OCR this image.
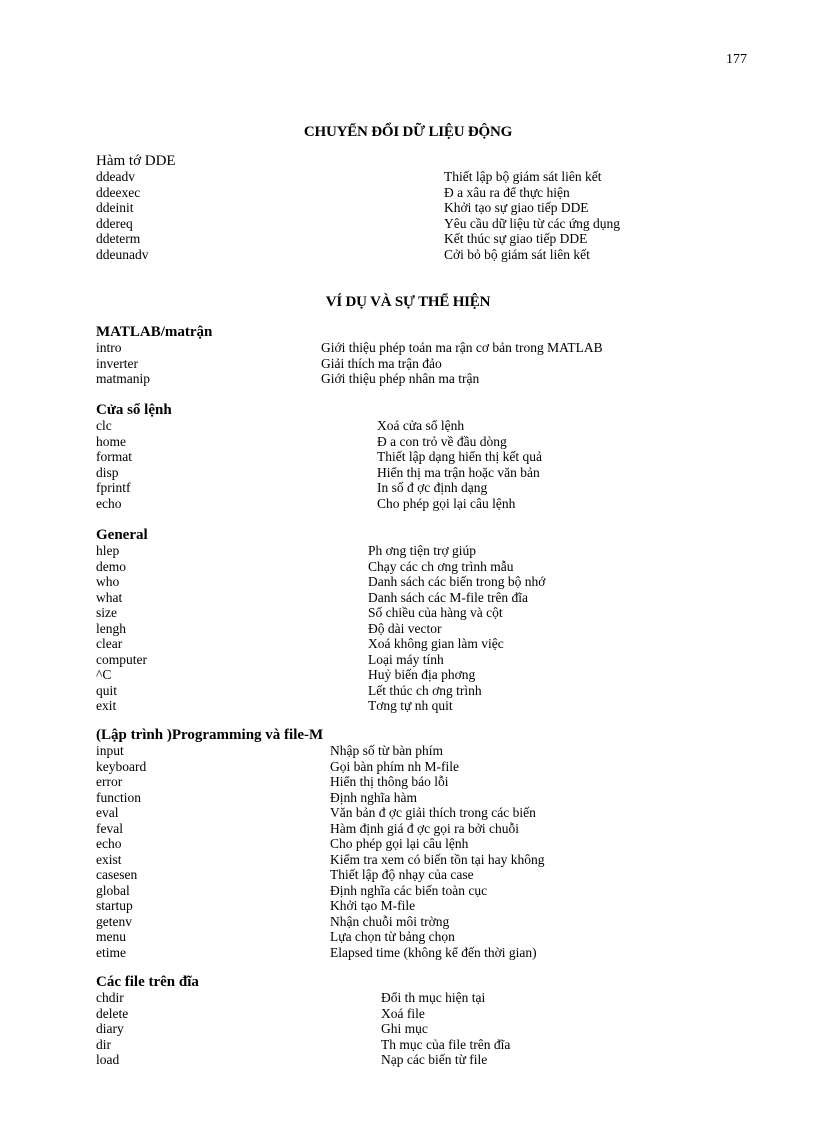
177
CHUYỂN ĐỔI DỮ LIỆU ĐỘNG
Hàm tớ DDE
ddeadv	Thiết lập bộ giám sát liên kết
ddeexec	Đ a xâu ra để thực hiện
ddeinit	Khởi tạo sự giao tiếp DDE
ddereq	Yêu cầu dữ liệu từ các ứng dụng
ddeterm	Kết thúc sự giao tiếp DDE
ddeunadv	Cởi bỏ bộ giám sát liên kết
VÍ DỤ VÀ SỰ THỂ HIỆN
MATLAB/matrận
intro	Giới thiệu phép toán ma rận cơ bản trong MATLAB
inverter	Giải thích ma trận đảo
matmanip	Giới thiệu phép nhân ma trận
Cửa sổ lệnh
clc	Xoá cửa sổ lệnh
home	Đ a con trỏ về đầu dòng
format	Thiết lập dạng hiển thị kết quả
disp	Hiển thị ma trận hoặc văn bản
fprintf	In số đ ợc định dạng
echo	Cho phép gọi lại câu lệnh
General
hlep	Ph ơng tiện trợ giúp
demo	Chạy các ch ơng trình mẫu
who	Danh sách các biến trong bộ nhớ
what	Danh sách các M-file trên đĩa
size	Số chiều của hàng và cột
lengh	Độ dài vector
clear	Xoá không gian làm việc
computer	Loại máy tính
^C	Huỷ biến địa phơng
quit	Lết thúc ch ơng trình
exit	Tơng tự nh quit
(Lập trình )Programming và file-M
input	Nhập số từ bàn phím
keyboard	Gọi bàn phím nh M-file
error	Hiển thị thông báo lỗi
function	Định nghĩa hàm
eval	Văn bản đ ợc giải thích trong các biến
feval	Hàm định giá đ ợc gọi ra bởi chuỗi
echo	Cho phép gọi lại câu lệnh
exist	Kiểm tra xem có biến tồn tại hay không
casesen	Thiết lập độ nhạy của case
global	Định nghĩa các biến toàn cục
startup	Khởi tạo M-file
getenv	Nhận chuỗi môi trờng
menu	Lựa chọn từ bảng chọn
etime	Elapsed time (không kể đến thời gian)
Các file trên đĩa
chdir	Đổi th mục hiện tại
delete	Xoá file
diary	Ghi mục
dir	Th mục của file trên đĩa
load	Nạp các biến từ file
